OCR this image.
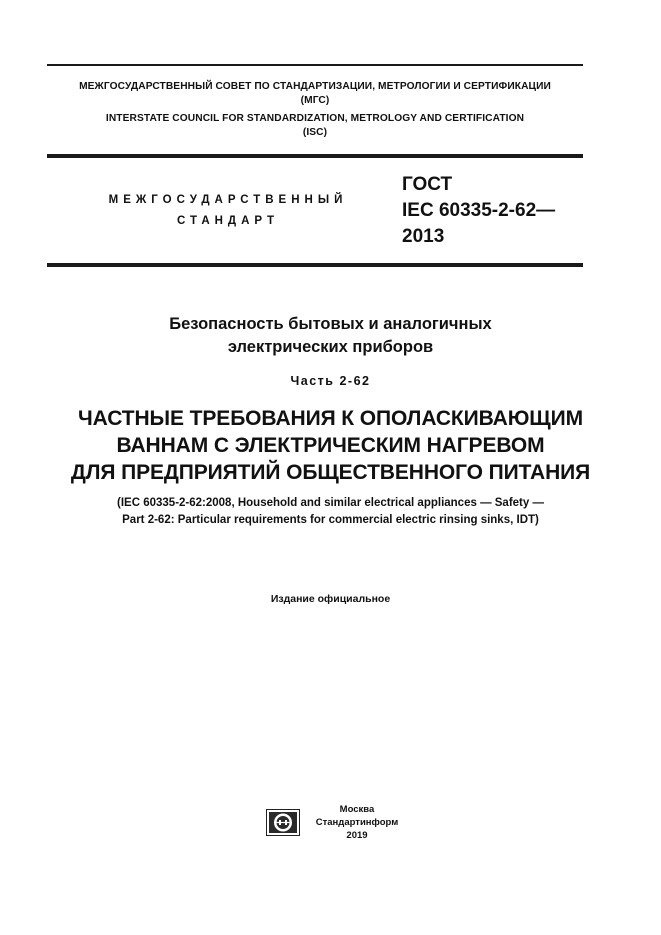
МЕЖГОСУДАРСТВЕННЫЙ СОВЕТ ПО СТАНДАРТИЗАЦИИ, МЕТРОЛОГИИ И СЕРТИФИКАЦИИ
(МГС)
INTERSTATE COUNCIL FOR STANDARDIZATION, METROLOGY AND CERTIFICATION
(ISC)
МЕЖГОСУДАРСТВЕННЫЙ
СТАНДАРТ
ГОСТ
IEC 60335-2-62—
2013
Безопасность бытовых и аналогичных
электрических приборов
Часть 2-62
ЧАСТНЫЕ ТРЕБОВАНИЯ К ОПОЛАСКИВАЮЩИМ
ВАННАМ С ЭЛЕКТРИЧЕСКИМ НАГРЕВОМ
ДЛЯ ПРЕДПРИЯТИЙ ОБЩЕСТВЕННОГО ПИТАНИЯ
(IEC 60335-2-62:2008, Household and similar electrical appliances — Safety —
Part 2-62: Particular requirements for commercial electric rinsing sinks, IDT)
Издание официальное
Москва
Стандартинформ
2019
